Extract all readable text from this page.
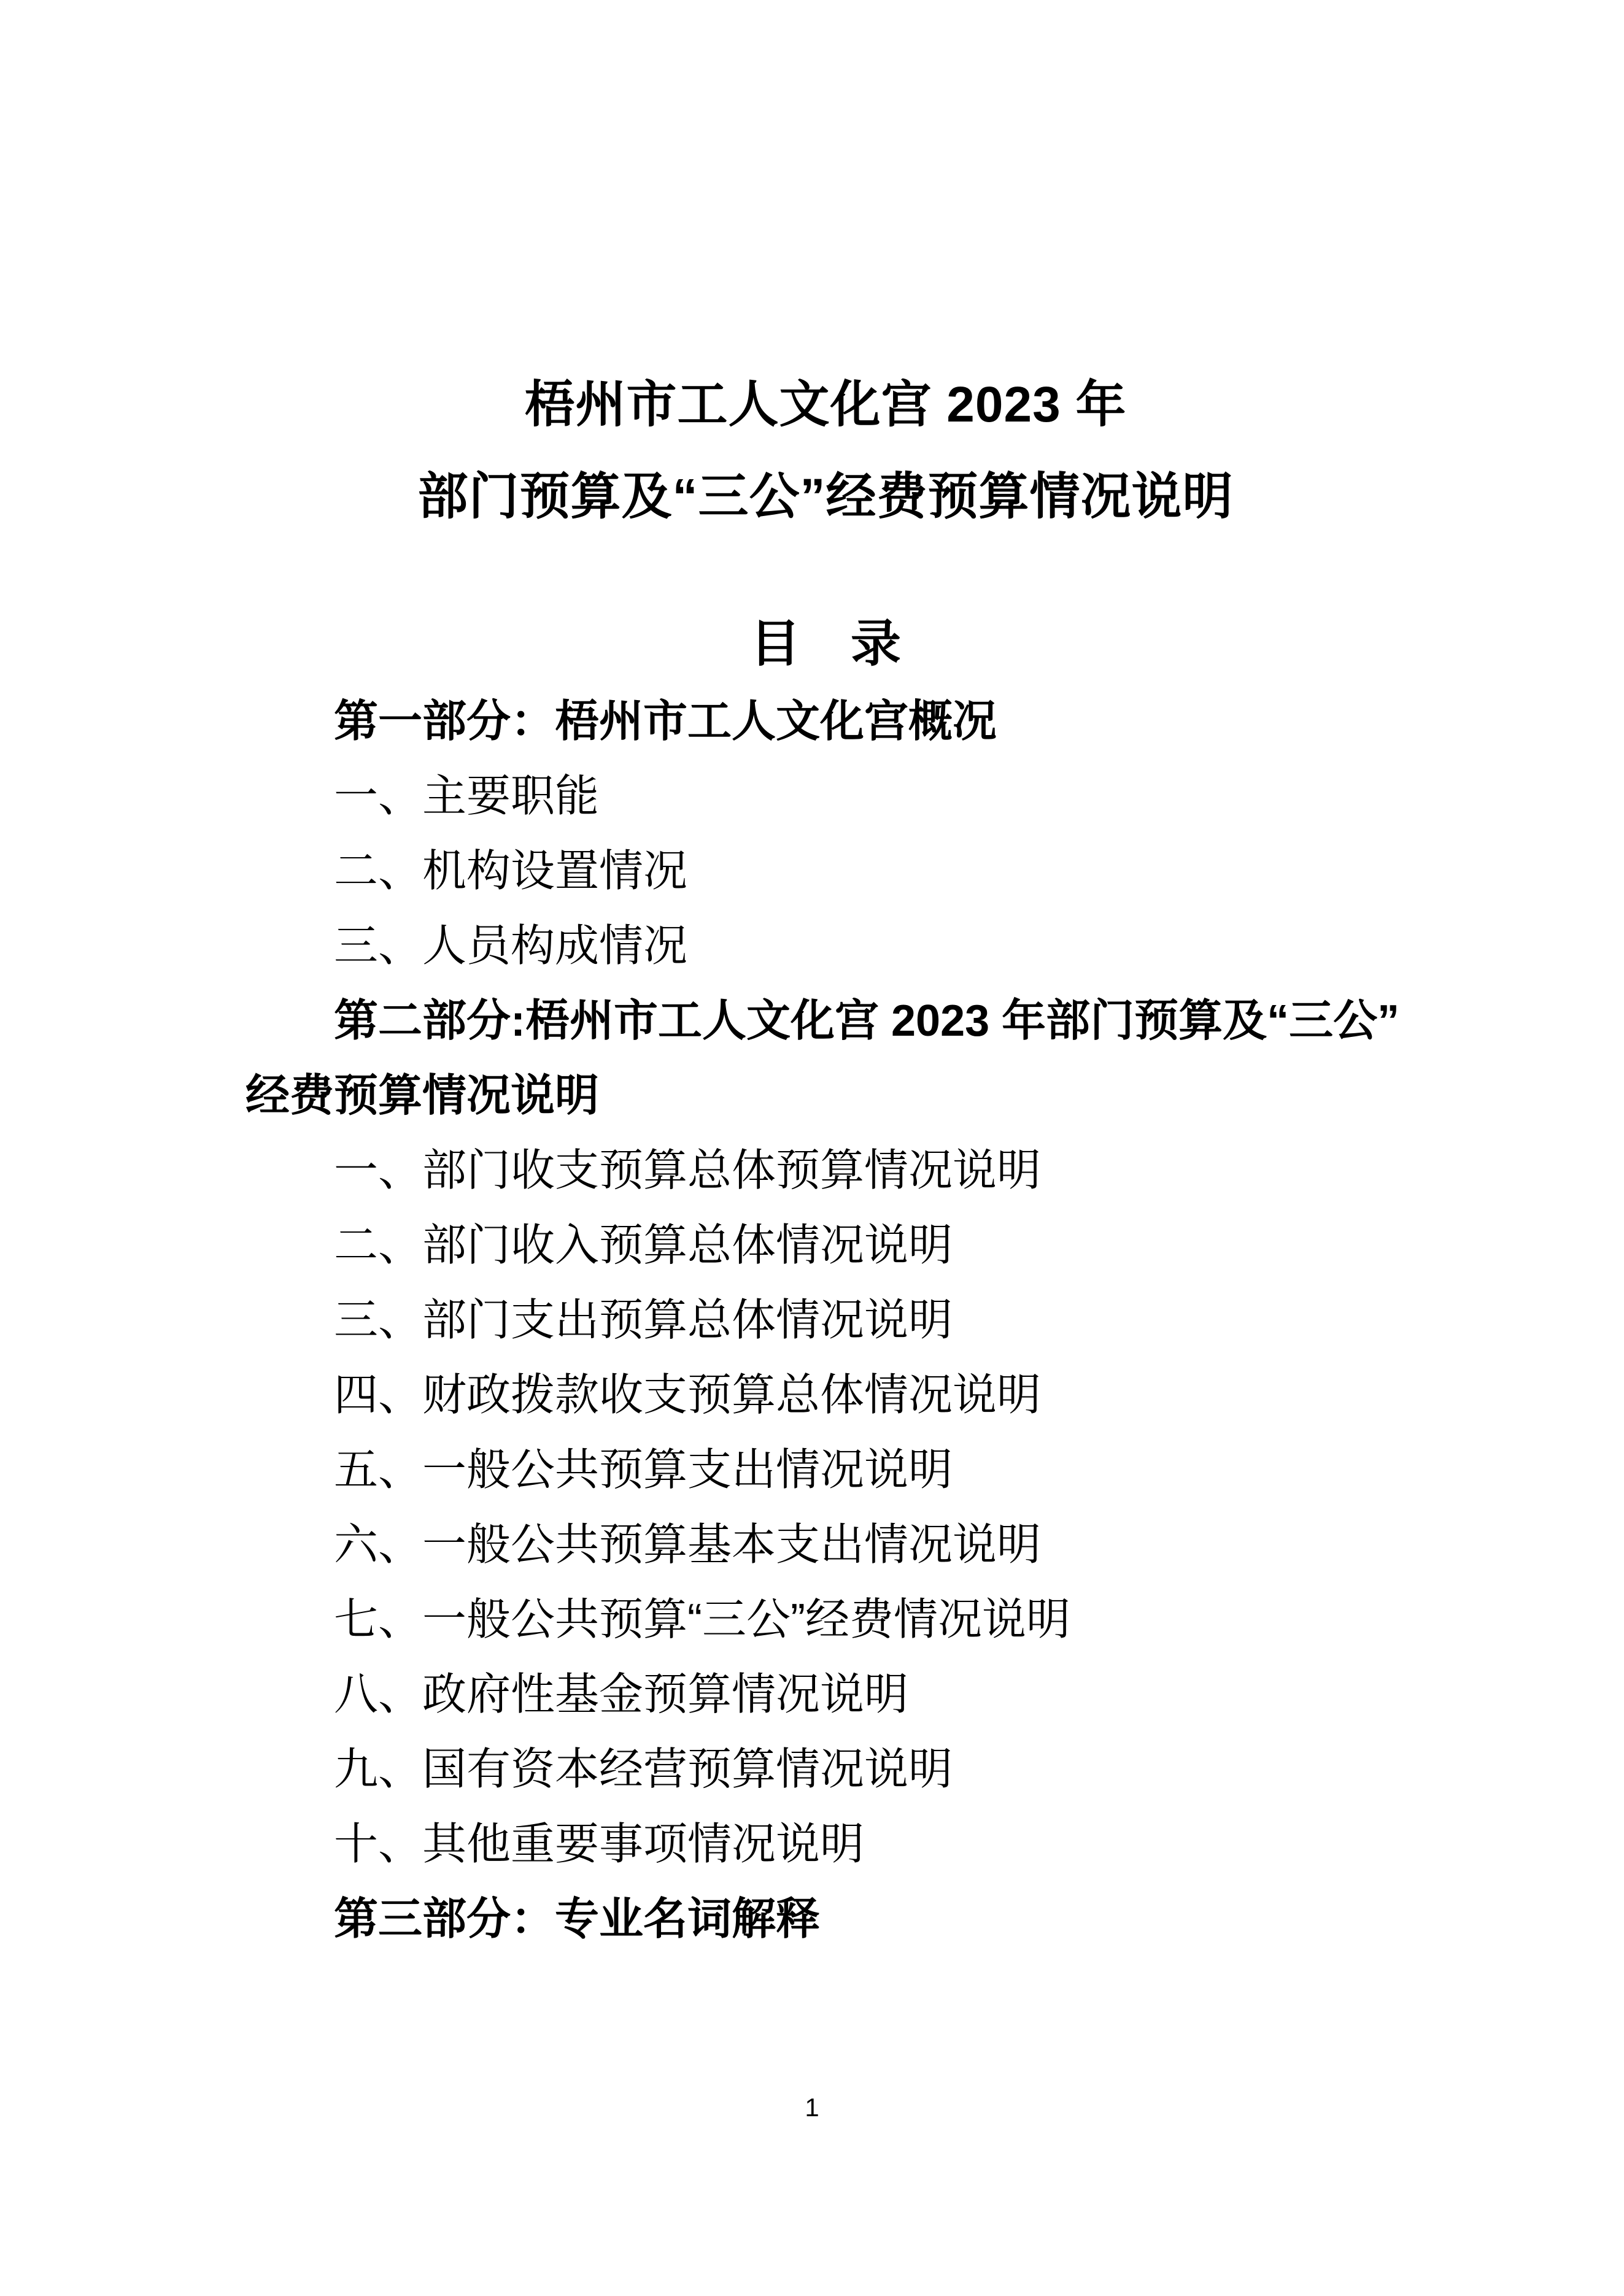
梧州市工人文化宫 2023 年
部门预算及“三公”经费预算情况说明
目　录

第一部分：梧州市工人文化宫概况

一、主要职能

二、机构设置情况

三、人员构成情况

第二部分:梧州市工人文化宫 2023 年部门预算及“三公”

经费预算情况说明

一、部门收支预算总体预算情况说明

二、部门收入预算总体情况说明

三、部门支出预算总体情况说明

四、财政拨款收支预算总体情况说明

五、一般公共预算支出情况说明

六、一般公共预算基本支出情况说明

七、一般公共预算“三公”经费情况说明

八、政府性基金预算情况说明

九、国有资本经营预算情况说明

十、其他重要事项情况说明

第三部分：专业名词解释

1
